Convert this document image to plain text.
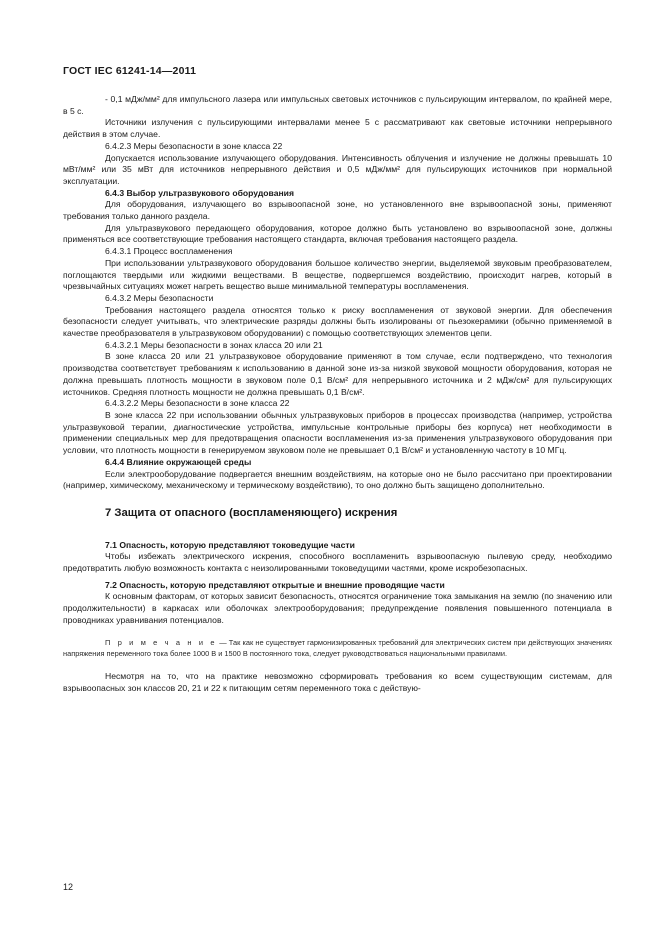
ГОСТ IEC 61241-14—2011

- 0,1 мДж/мм² для импульсного лазера или импульсных световых источников с пульсирующим интервалом, по крайней мере, в 5 с.

Источники излучения с пульсирующими интервалами менее 5 с рассматривают как световые источники непрерывного действия в этом случае.

6.4.2.3 Меры безопасности в зоне класса 22

Допускается использование излучающего оборудования. Интенсивность облучения и излучение не должны превышать 10 мВт/мм² или 35 мВт для источников непрерывного действия и 0,5 мДж/мм² для пульсирующих источников при нормальной эксплуатации.

6.4.3 Выбор ультразвукового оборудования

Для оборудования, излучающего во взрывоопасной зоне, но установленного вне взрывоопасной зоны, применяют требования только данного раздела.

Для ультразвукового передающего оборудования, которое должно быть установлено во взрывоопасной зоне, должны применяться все соответствующие требования настоящего стандарта, включая требования настоящего раздела.

6.4.3.1 Процесс воспламенения

При использовании ультразвукового оборудования большое количество энергии, выделяемой звуковым преобразователем, поглощаются твердыми или жидкими веществами. В веществе, подвергшемся воздействию, происходит нагрев, который в чрезвычайных ситуациях может нагреть вещество выше минимальной температуры воспламенения.

6.4.3.2 Меры безопасности

Требования настоящего раздела относятся только к риску воспламенения от звуковой энергии. Для обеспечения безопасности следует учитывать, что электрические разряды должны быть изолированы от пьезокерамики (обычно применяемой в качестве преобразователя в ультразвуковом оборудовании) с помощью соответствующих элементов цепи.

6.4.3.2.1 Меры безопасности в зонах класса 20 или 21

В зоне класса 20 или 21 ультразвуковое оборудование применяют в том случае, если подтверждено, что технология производства соответствует требованиям к использованию в данной зоне из-за низкой звуковой мощности оборудования, которая не должна превышать плотность мощности в звуковом поле 0,1 В/см² для непрерывного источника и 2 мДж/см² для пульсирующих источников. Средняя плотность мощности не должна превышать 0,1 В/см².

6.4.3.2.2 Меры безопасности в зоне класса 22

В зоне класса 22 при использовании обычных ультразвуковых приборов в процессах производства (например, устройства ультразвуковой терапии, диагностические устройства, импульсные контрольные приборы без корпуса) нет необходимости в применении специальных мер для предотвращения опасности воспламенения из-за применения ультразвукового оборудования при условии, что плотность мощности в генерируемом звуковом поле не превышает 0,1 В/см² и установленную частоту в 10 МГц.

6.4.4 Влияние окружающей среды

Если электрооборудование подвергается внешним воздействиям, на которые оно не было рассчитано при проектировании (например, химическому, механическому и термическому воздействию), то оно должно быть защищено дополнительно.

7 Защита от опасного (воспламеняющего) искрения

7.1 Опасность, которую представляют токоведущие части

Чтобы избежать электрического искрения, способного воспламенить взрывоопасную пылевую среду, необходимо предотвратить любую возможность контакта с неизолированными токоведущими частями, кроме искробезопасных.

7.2 Опасность, которую представляют открытые и внешние проводящие части

К основным факторам, от которых зависит безопасность, относятся ограничение тока замыкания на землю (по значению или продолжительности) в каркасах или оболочках электрооборудования; предупреждение появления повышенного потенциала в проводниках уравнивания потенциалов.

П р и м е ч а н и е — Так как не существует гармонизированных требований для электрических систем при действующих значениях напряжения переменного тока более 1000 В и 1500 В постоянного тока, следует руководствоваться национальными правилами.

Несмотря на то, что на практике невозможно сформировать требования ко всем существующим системам, для взрывоопасных зон классов 20, 21 и 22 к питающим сетям переменного тока с действую-

12
